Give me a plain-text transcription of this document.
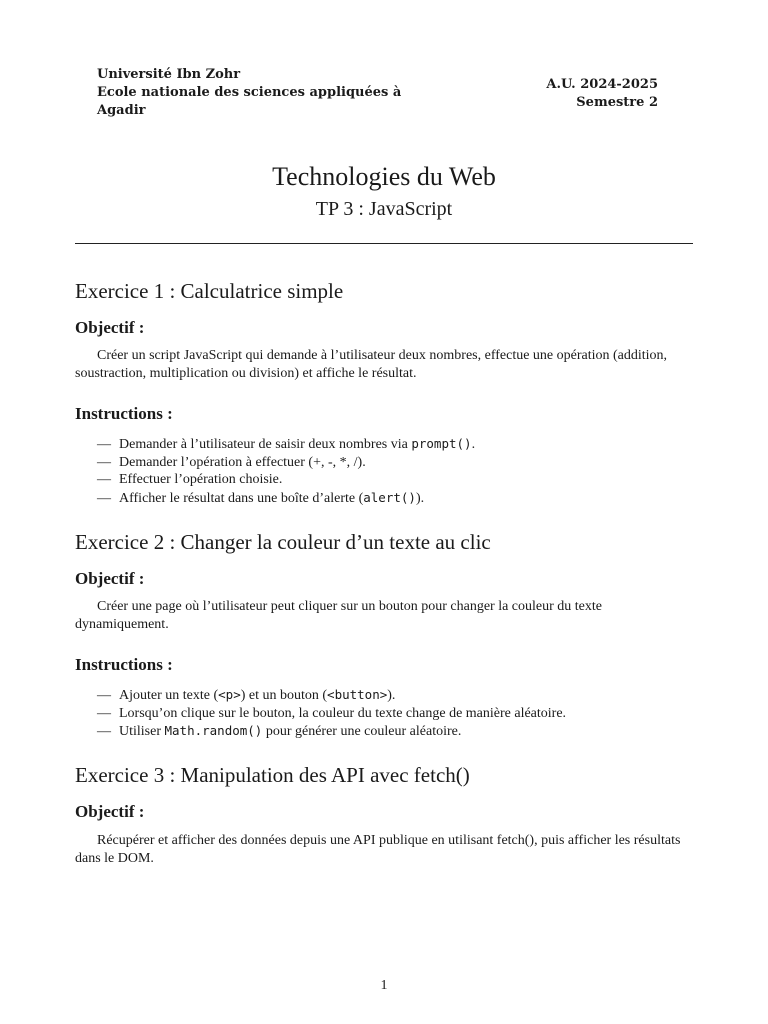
Université Ibn Zohr
Ecole nationale des sciences appliquées à
Agadir
A.U. 2024-2025
Semestre 2
Technologies du Web
TP 3 : JavaScript
Exercice 1 : Calculatrice simple
Objectif :
Créer un script JavaScript qui demande à l’utilisateur deux nombres, effectue une opération (addition, soustraction, multiplication ou division) et affiche le résultat.
Instructions :
— Demander à l’utilisateur de saisir deux nombres via prompt().
— Demander l’opération à effectuer (+, -, *, /).
— Effectuer l’opération choisie.
— Afficher le résultat dans une boîte d’alerte (alert()).
Exercice 2 : Changer la couleur d’un texte au clic
Objectif :
Créer une page où l’utilisateur peut cliquer sur un bouton pour changer la couleur du texte dynamiquement.
Instructions :
— Ajouter un texte (<p>) et un bouton (<button>).
— Lorsqu’on clique sur le bouton, la couleur du texte change de manière aléatoire.
— Utiliser Math.random() pour générer une couleur aléatoire.
Exercice 3 : Manipulation des API avec fetch()
Objectif :
Récupérer et afficher des données depuis une API publique en utilisant fetch(), puis afficher les résultats dans le DOM.
1
